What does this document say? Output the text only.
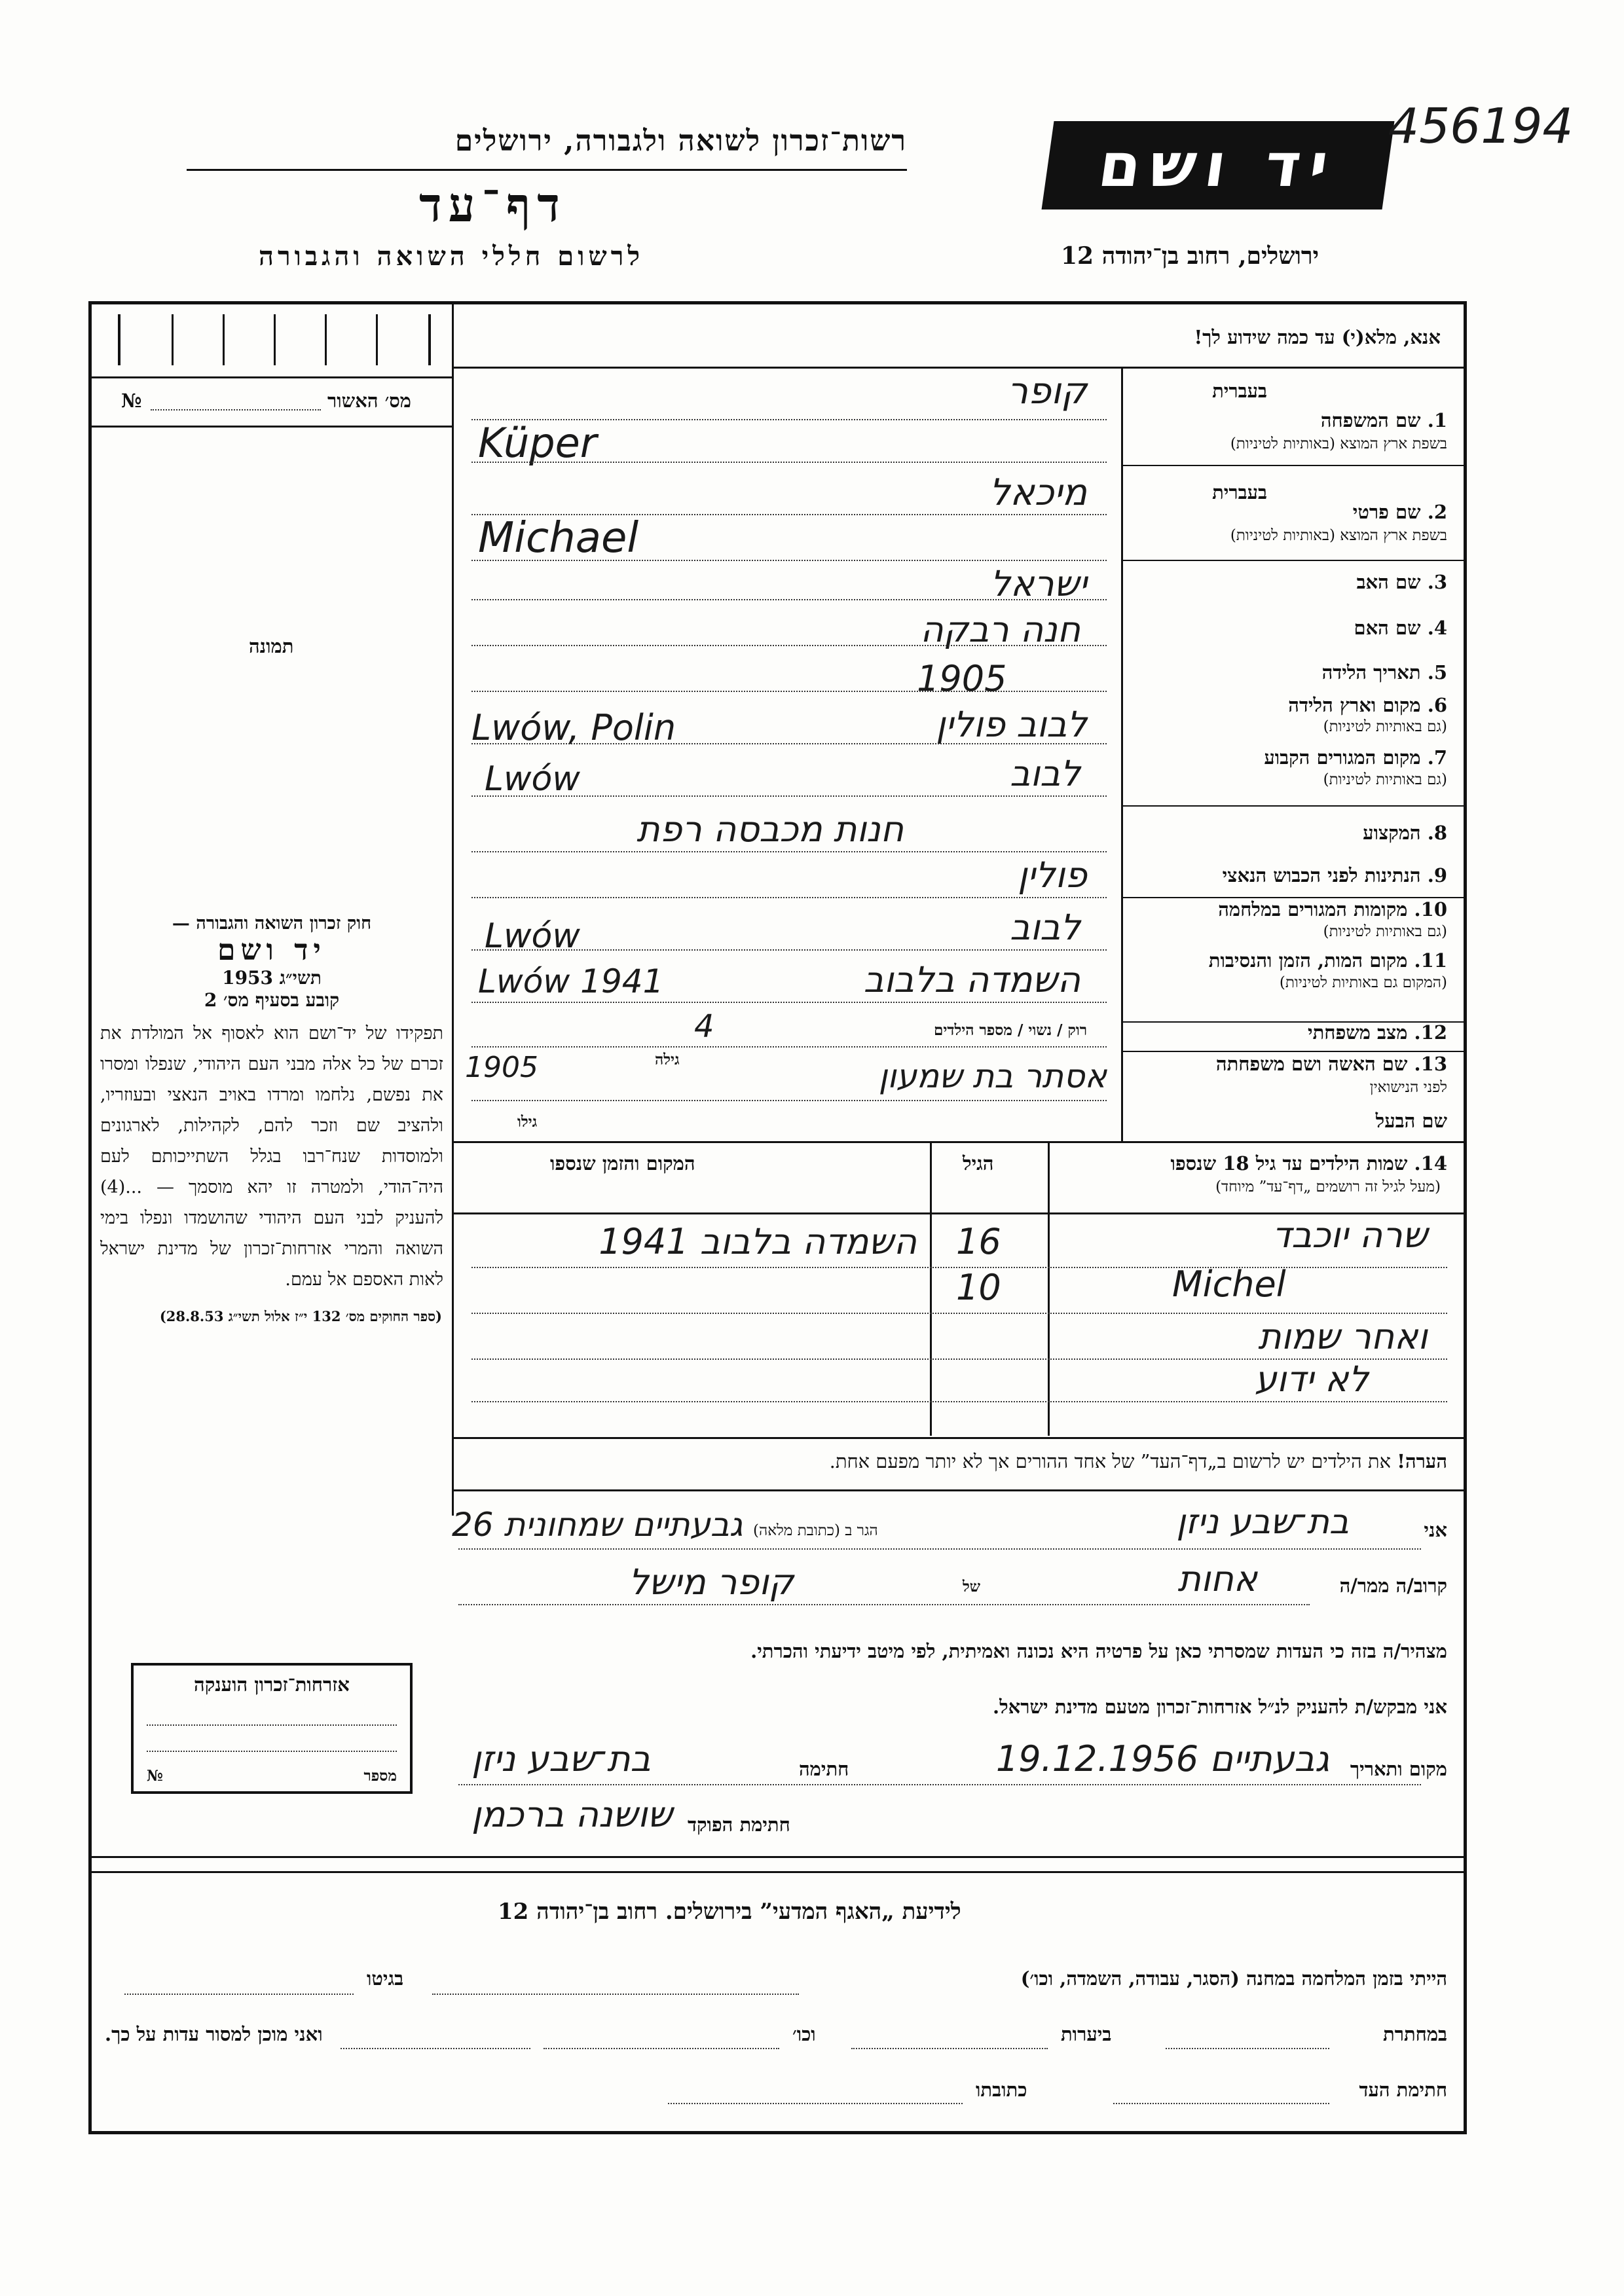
רשות־זכרון לשואה ולגבורה, ירושלים
דף־עד
לרשום חללי השואה והגבורה
יד ושם
456194
ירושלים, רחוב בן־יהודה 12
מס׳ האשור
№
תמונה
אנא, מלא(י) עד כמה שידוע לך!
1. שם המשפחה
בשפת ארץ המוצא (באותיות לטיניות)
בעברית
קופר
Küper
2. שם פרטי
בשפת ארץ המוצא (באותיות לטיניות)
בעברית
מיכאל
Michael
3. שם האב
ישראל
4. שם האם
חנה רבקה
5. תאריך הלידה
1905
6. מקום וארץ הלידה
(גם באותיות לטיניות)
לבוב פולין
Lwów, Polin
7. מקום המגורים הקבוע
(גם באותיות לטיניות)
לבוב
Lwów
8. המקצוע
חנות מכבסה רפת
9. הנתינות לפני הכבוש הנאצי
פולין
10. מקומות המגורים במלחמה
(גם באותיות לטיניות)
לבוב
Lwów
11. מקום המות, הזמן והנסיבות
(המקום גם באותיות לטיניות)
השמדה בלבוב
Lwów 1941
12. מצב משפחתי
רוק / נשוי / מספר הילדים
4
13. שם האשה ושם משפחתה
לפני הנישואין
1905	גילה	אסתר בת שמעון
שם הבעל
גילו
חוק זכרון השואה והגבורה —
יד ושם
תשי״ג 1953
קובע בסעיף מס׳ 2
תפקידו של יד־ושם הוא לאסוף אל המולדת את זכרם של כל אלה מבני העם היהודי, שנפלו ומסרו את נפשם, נלחמו ומרדו באויב הנאצי ובעוזריו, ולהציב שם וזכר להם, לקהילות, לארגונים ולמוסדות שנח־רבו בגלל השתייכותם לעם היה־הודי, ולמטרה זו יהא מוסמך — ...(4) להעניק לבני העם היהודי שהושמדו ונפלו בימי השואה והמרי אזרחות־זכרון של מדינת ישראל לאות האספם אל עמם.
(ספר החוקים מס׳ 132 י״ז אלול תשי״ג 28.8.53)
14. שמות הילדים עד גיל 18 שנספו
(מעל לגיל זה רושמים „דף־עד” מיוחד)
הגיל
המקום והזמן שנספו
שרה יוכבד
16
השמדה בלבוב 1941
Michel
10
ואחר שמות
לא ידוע
הערה! את הילדים יש לרשום ב„דף־העד” של אחד ההורים אך לא יותר מפעם אחת.
אני
בת־שבע ניזן
הגר ב (כתובת מלאה)
גבעתיים שמחונית 26
קרוב/ה ממר/ה
אחות
של
קופר מישל
מצהיר/ה בזה כי העדות שמסרתי כאן על פרטיה היא נכונה ואמיתית, לפי מיטב ידיעתי והכרתי.
אני מבקש/ת להעניק לנ״ל אזרחות־זכרון מטעם מדינת ישראל.
מקום ותאריך
גבעתיים 19.12.1956
חתימה
בת־שבע ניזן
חתימת הפוקד
שושנה ברכמן
אזרחות־זכרון הוענקה
מספר
№
לידיעת „האגף המדעי” בירושלים. רחוב בן־יהודה 12
הייתי בזמן המלחמה במחנה (הסגר, עבודה, השמדה, וכו׳)
בגיטו
במחתרת
ביערות
וכו׳
ואני מוכן למסור עדות על כך.
חתימת העד
כתובתו
